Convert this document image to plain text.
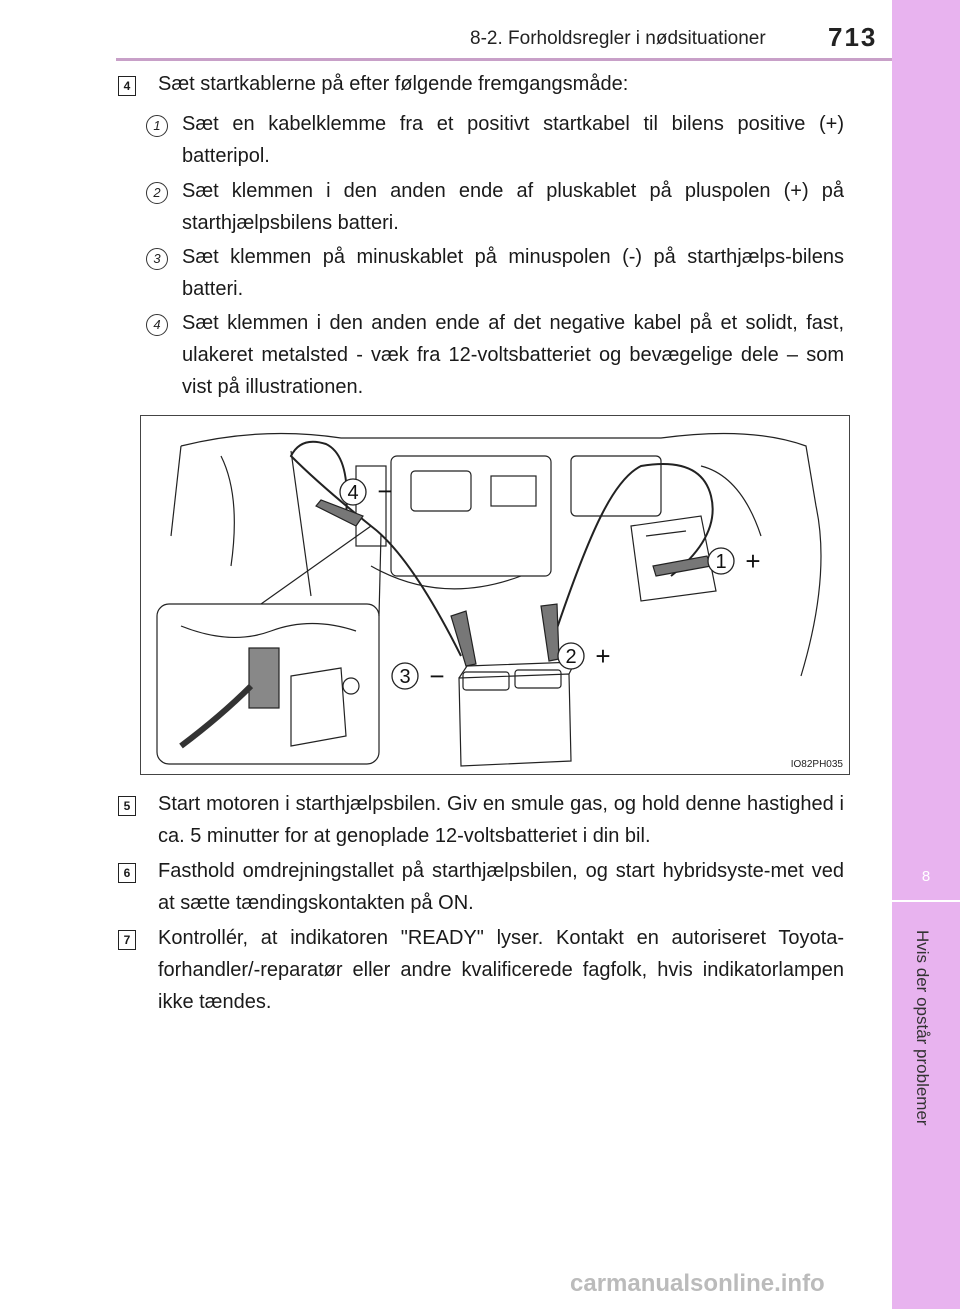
8-2. Forholdsregler i nødsituationer 713
8
Hvis der opstår problemer
4 Sæt startkablerne på efter følgende fremgangsmåde:
1	Sæt en kabelklemme fra et positivt startkabel til bilens positive (+) batteripol.
2	Sæt klemmen i den anden ende af pluskablet på pluspolen (+) på starthjælpsbilens batteri.
3	Sæt klemmen på minuskablet på minuspolen (-) på starthjælps-bilens batteri.
4	Sæt klemmen i den anden ende af det negative kabel på et solidt, fast, ulakeret metalsted - væk fra 12-voltsbatteriet og bevægelige dele – som vist på illustrationen.
4 −
1 +
2 +
3 −
IO82PH035
5 Start motoren i starthjælpsbilen. Giv en smule gas, og hold denne hastighed i ca. 5 minutter for at genoplade 12-voltsbatteriet i din bil.
6 Fasthold omdrejningstallet på starthjælpsbilen, og start hybridsyste-met ved at sætte tændingskontakten på ON.
7 Kontrollér, at indikatoren "READY" lyser. Kontakt en autoriseret Toyota-forhandler/-reparatør eller andre kvalificerede fagfolk, hvis indikatorlampen ikke tændes.
carmanualsonline.info
